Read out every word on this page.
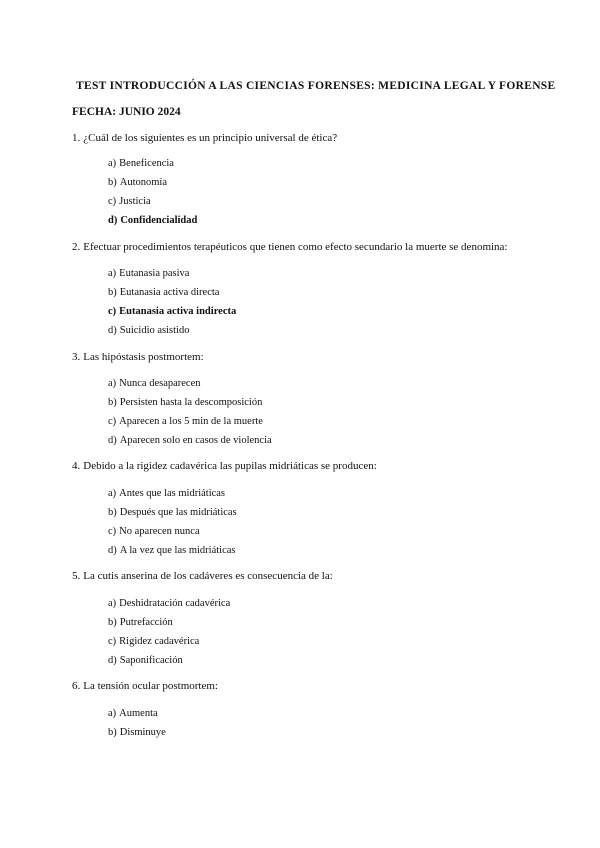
TEST INTRODUCCIÓN A LAS CIENCIAS FORENSES: MEDICINA LEGAL Y FORENSE
FECHA: JUNIO 2024
1. ¿Cuál de los siguientes es un principio universal de ética?
a) Beneficencia
b) Autonomía
c) Justicia
d) Confidencialidad
2. Efectuar procedimientos terapéuticos que tienen como efecto secundario la muerte se denomina:
a) Eutanasia pasiva
b) Eutanasia activa directa
c) Eutanasia activa indirecta
d) Suicidio asistido
3. Las hipóstasis postmortem:
a) Nunca desaparecen
b) Persisten hasta la descomposición
c) Aparecen a los 5 min de la muerte
d) Aparecen solo en casos de violencia
4. Debido a la rigidez cadavérica las pupilas midriáticas se producen:
a) Antes que las midriáticas
b) Después que las midriáticas
c) No aparecen nunca
d) A la vez que las midriáticas
5. La cutis anserina de los cadáveres es consecuencia de la:
a) Deshidratación cadavérica
b) Putrefacción
c) Rigidez cadavérica
d) Saponificación
6. La tensión ocular postmortem:
a) Aumenta
b) Disminuye
